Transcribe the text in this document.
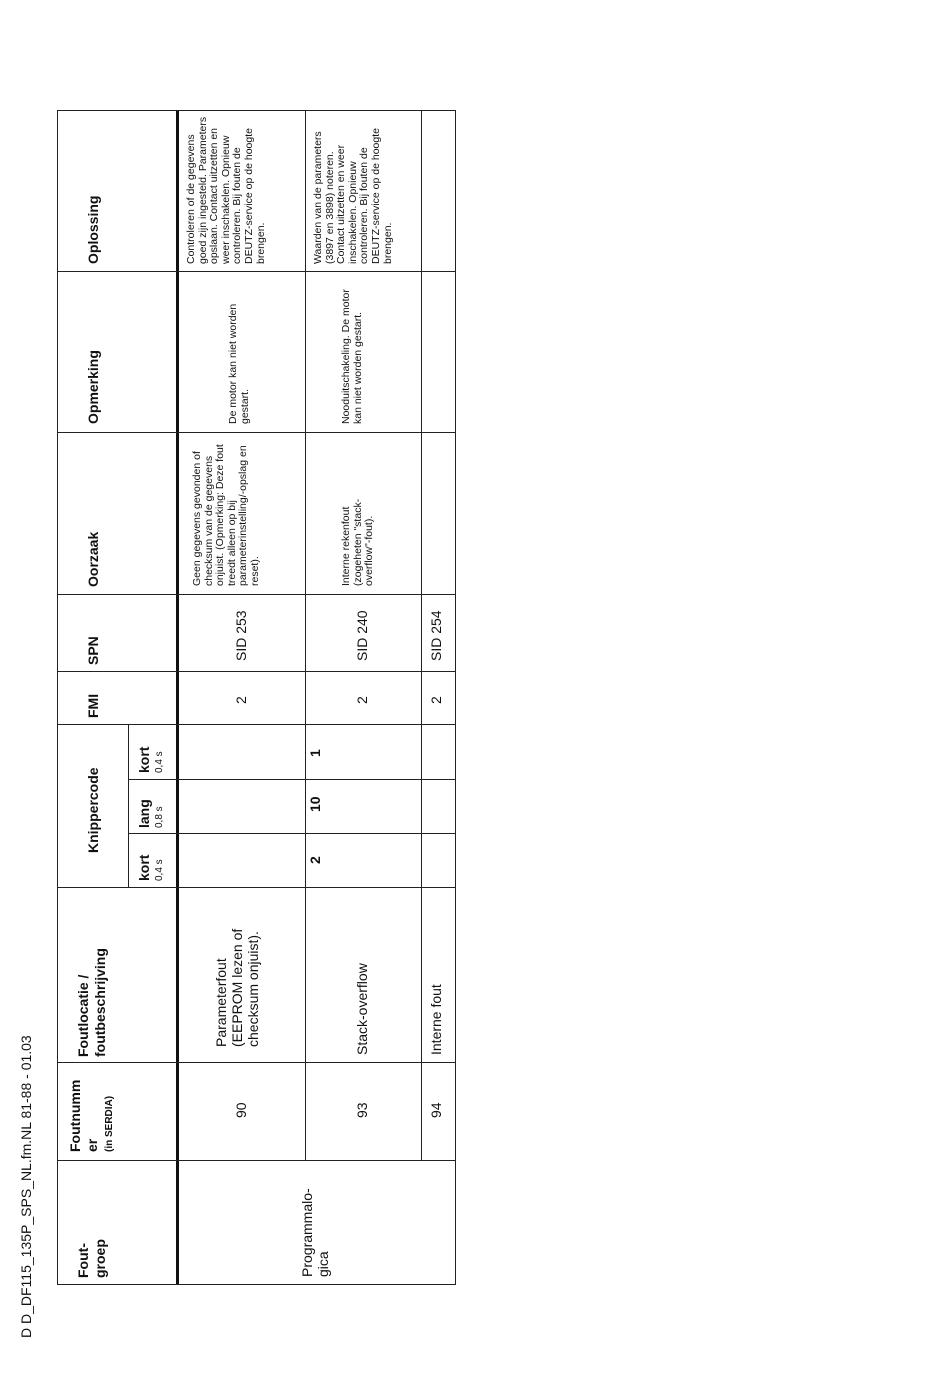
D D_DF115_135P_SPS_NL.fm.NL 81-88 - 01.03	Fout-
groep
Foutnumm
er (in SERDIA)
Foutlocatie /
foutbeschrijving
Knippercode
kort 0,4 s
lang 0,8 s
kort 0,4 s
FMI
SPN
Oorzaak
Opmerking
Oplossing
Programmalo-
gica
2
10
1
90
Parameterfout
(EEPROM lezen of
checksum onjuist).
2
SID 253
Geen gegevens gevonden of checksum van de gegevens onjuist. (Opmerking: Deze fout treedt alleen op bij parameterinstelling/-opslag en reset).
De motor kan niet worden gestart.
Controleren of de gegevens goed zijn ingesteld. Parameters opslaan. Contact uitzetten en weer inschakelen. Opnieuw controleren. Bij fouten de DEUTZ-service op de hoogte brengen.
93
Stack-overflow
2
SID 240
Interne rekenfout (zogeheten "stack-overflow"-fout).
Nooduitschakeling. De motor kan niet worden gestart.
Waarden van de parameters (3897 en 3898) noteren. Contact uitzetten en weer inschakelen. Opnieuw controleren. Bij fouten de DEUTZ-service op de hoogte brengen.
94
Interne fout
2
SID 254
